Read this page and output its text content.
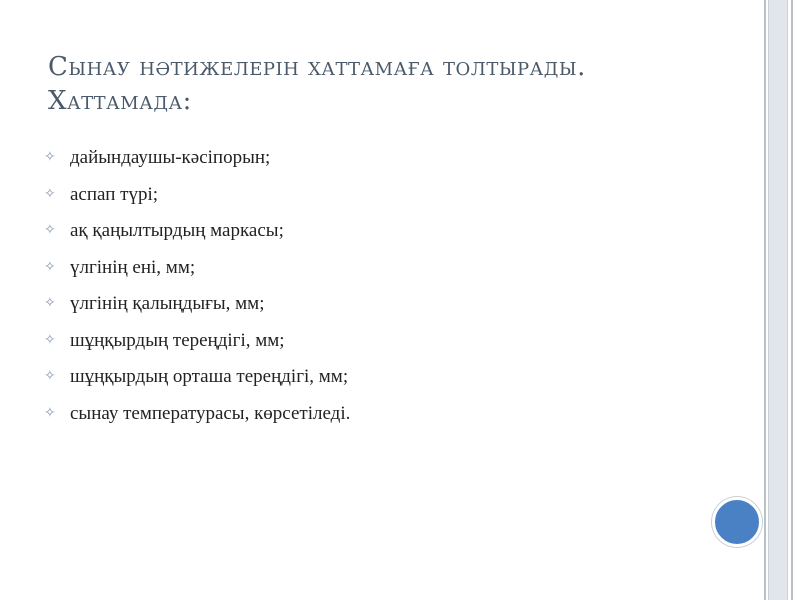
Сынау нәтижелерін хаттамаға толтырады.
Хаттамада:
✧ дайындаушы-кәсіпорын;
✧ аспап түрі;
✧ ақ қаңылтырдың маркасы;
✧ үлгінің ені, мм;
✧ үлгінің қалыңдығы, мм;
✧ шұңқырдың тереңдігі, мм;
✧ шұңқырдың орташа тереңдігі, мм;
✧ сынау температурасы, көрсетіледі.
